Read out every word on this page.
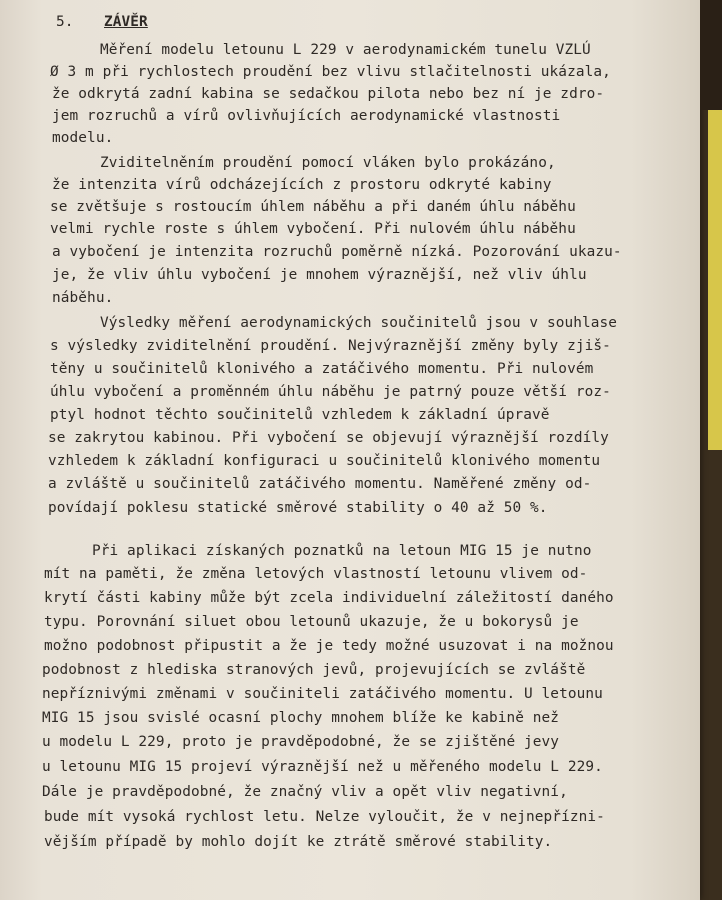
5. ZÁVĚR
Měření modelu letounu L 229 v aerodynamickém tunelu VZLÚ
Ø 3 m při rychlostech proudění bez vlivu stlačitelnosti ukázala,
že odkrytá zadní kabina se sedačkou pilota nebo bez ní je zdro-
jem rozruchů a vírů ovlivňujících aerodynamické vlastnosti
modelu.
Zviditelněním proudění pomocí vláken bylo prokázáno,
že intenzita vírů odcházejících z prostoru odkryté kabiny
se zvětšuje s rostoucím úhlem náběhu a při daném úhlu náběhu
velmi rychle roste s úhlem vybočení. Při nulovém úhlu náběhu
a vybočení je intenzita rozruchů poměrně nízká. Pozorování ukazu-
je, že vliv úhlu vybočení je mnohem výraznější, než vliv úhlu
náběhu.
Výsledky měření aerodynamických součinitelů jsou v souhlase
s výsledky zviditelnění proudění. Nejvýraznější změny byly zjiš-
těny u součinitelů klonivého a zatáčivého momentu. Při nulovém
úhlu vybočení a proměnném úhlu náběhu je patrný pouze větší roz-
ptyl hodnot těchto součinitelů vzhledem k základní úpravě
se zakrytou kabinou. Při vybočení se objevují výraznější rozdíly
vzhledem k základní konfiguraci u součinitelů klonivého momentu
a zvláště u součinitelů zatáčivého momentu. Naměřené změny od-
povídají poklesu statické směrové stability o 40 až 50 %.
Při aplikaci získaných poznatků na letoun MIG 15 je nutno
mít na paměti, že změna letových vlastností letounu vlivem od-
krytí části kabiny může být zcela individuelní záležitostí daného
typu. Porovnání siluet obou letounů ukazuje, že u bokorysů je
možno podobnost připustit a že je tedy možné usuzovat i na možnou
podobnost z hlediska stranových jevů, projevujících se zvláště
nepříznivými změnami v součiniteli zatáčivého momentu. U letounu
MIG 15 jsou svislé ocasní plochy mnohem blíže ke kabině než
u modelu L 229, proto je pravděpodobné, že se zjištěné jevy
u letounu MIG 15 projeví výraznější než u měřeného modelu L 229.
Dále je pravděpodobné, že značný vliv a opět vliv negativní,
bude mít vysoká rychlost letu. Nelze vyloučit, že v nejnepřízni-
vějším případě by mohlo dojít ke ztrátě směrové stability.
